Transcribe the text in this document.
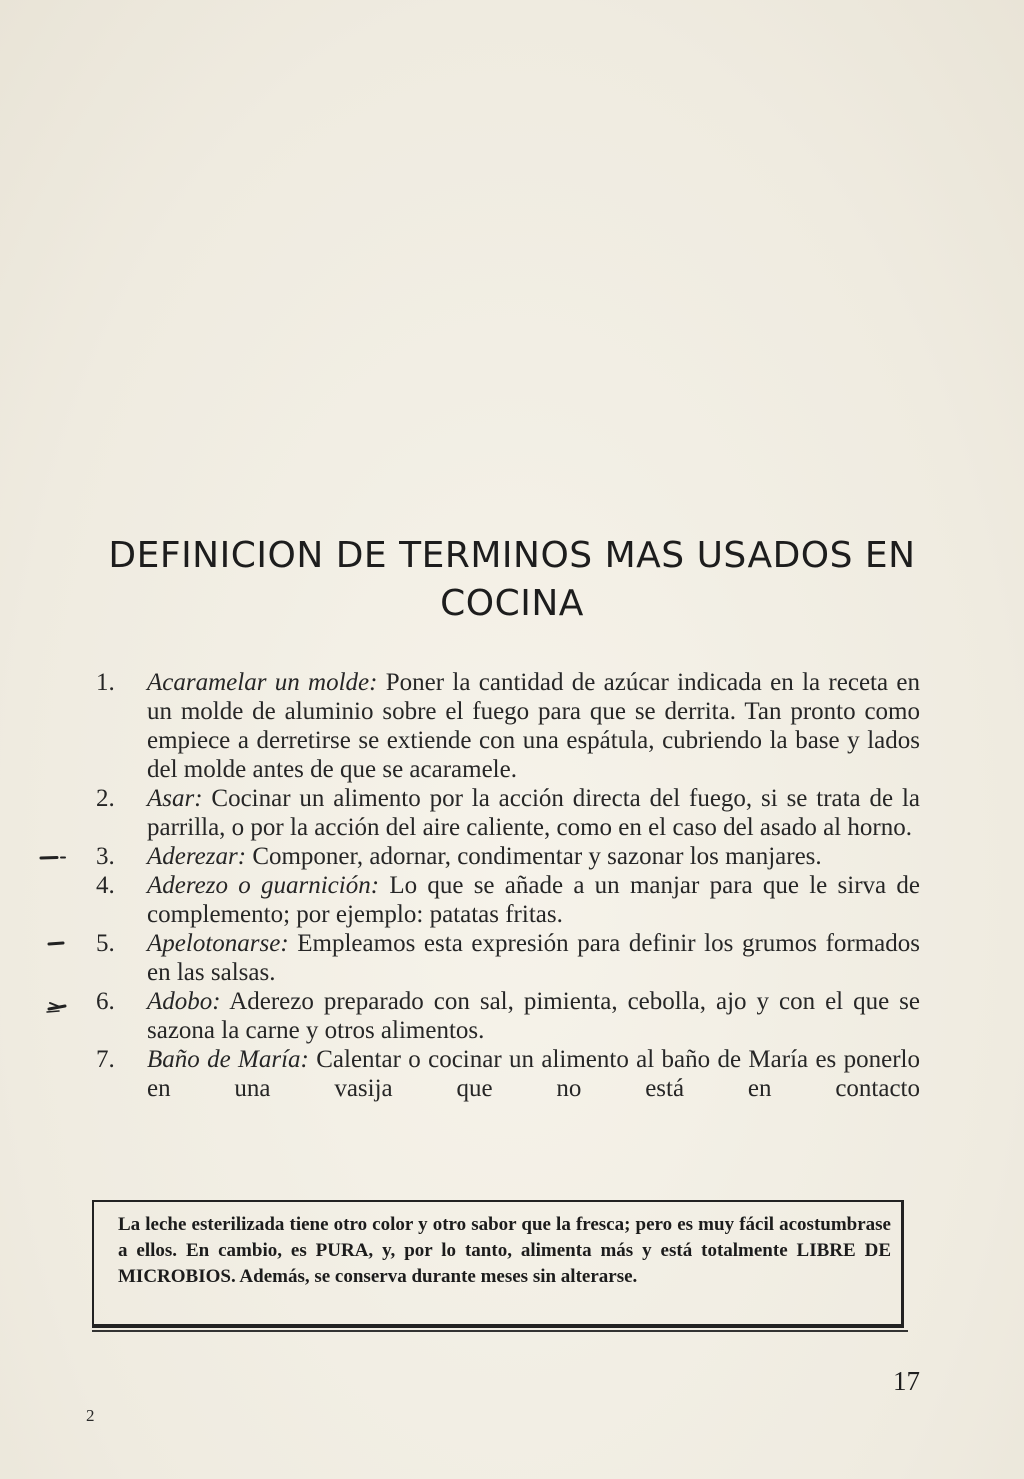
DEFINICION DE TERMINOS MAS USADOS EN
COCINA
1.	Acaramelar un molde: Poner la cantidad de azúcar indicada en la receta en un molde de aluminio sobre el fuego para que se derrita. Tan pronto como empiece a derretirse se extiende con una espátula, cubriendo la base y lados del molde antes de que se acaramele.
2.	Asar: Cocinar un alimento por la acción directa del fuego, si se trata de la parrilla, o por la acción del aire caliente, como en el caso del asado al horno.
3.	Aderezar: Componer, adornar, condimentar y sazonar los manjares.
4.	Aderezo o guarnición: Lo que se añade a un manjar para que le sirva de complemento; por ejemplo: patatas fritas.
5.	Apelotonarse: Empleamos esta expresión para definir los grumos formados en las salsas.
6.	Adobo: Aderezo preparado con sal, pimienta, cebolla, ajo y con el que se sazona la carne y otros alimentos.
7.	Baño de María: Calentar o cocinar un alimento al baño de María es ponerlo en una vasija que no está en contacto
La leche esterilizada tiene otro color y otro sabor que la fresca; pero es muy fácil acostumbrase a ellos. En cambio, es PURA, y, por lo tanto, alimenta más y está totalmente LIBRE DE MICROBIOS. Además, se conserva durante meses sin alterarse.
17
2
